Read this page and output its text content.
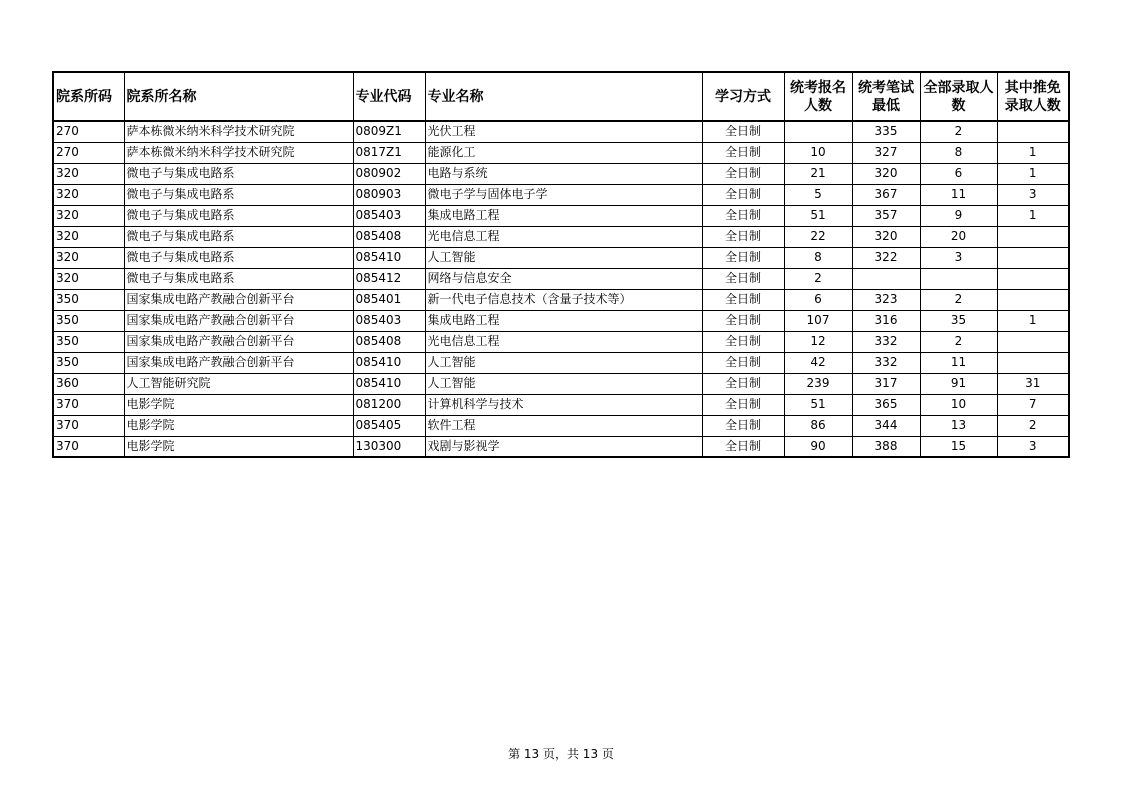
院系所码	院系所名称	专业代码	专业名称	学习方式	统考报名人数	统考笔试最低	全部录取人数	其中推免录取人数
270	萨本栋微米纳米科学技术研究院	0809Z1	光伏工程	全日制		335	2	
270	萨本栋微米纳米科学技术研究院	0817Z1	能源化工	全日制	10	327	8	1
320	微电子与集成电路系	080902	电路与系统	全日制	21	320	6	1
320	微电子与集成电路系	080903	微电子学与固体电子学	全日制	5	367	11	3
320	微电子与集成电路系	085403	集成电路工程	全日制	51	357	9	1
320	微电子与集成电路系	085408	光电信息工程	全日制	22	320	20	
320	微电子与集成电路系	085410	人工智能	全日制	8	322	3	
320	微电子与集成电路系	085412	网络与信息安全	全日制	2			
350	国家集成电路产教融合创新平台	085401	新一代电子信息技术（含量子技术等）	全日制	6	323	2	
350	国家集成电路产教融合创新平台	085403	集成电路工程	全日制	107	316	35	1
350	国家集成电路产教融合创新平台	085408	光电信息工程	全日制	12	332	2	
350	国家集成电路产教融合创新平台	085410	人工智能	全日制	42	332	11	
360	人工智能研究院	085410	人工智能	全日制	239	317	91	31
370	电影学院	081200	计算机科学与技术	全日制	51	365	10	7
370	电影学院	085405	软件工程	全日制	86	344	13	2
370	电影学院	130300	戏剧与影视学	全日制	90	388	15	3
第 13 页，共 13 页
